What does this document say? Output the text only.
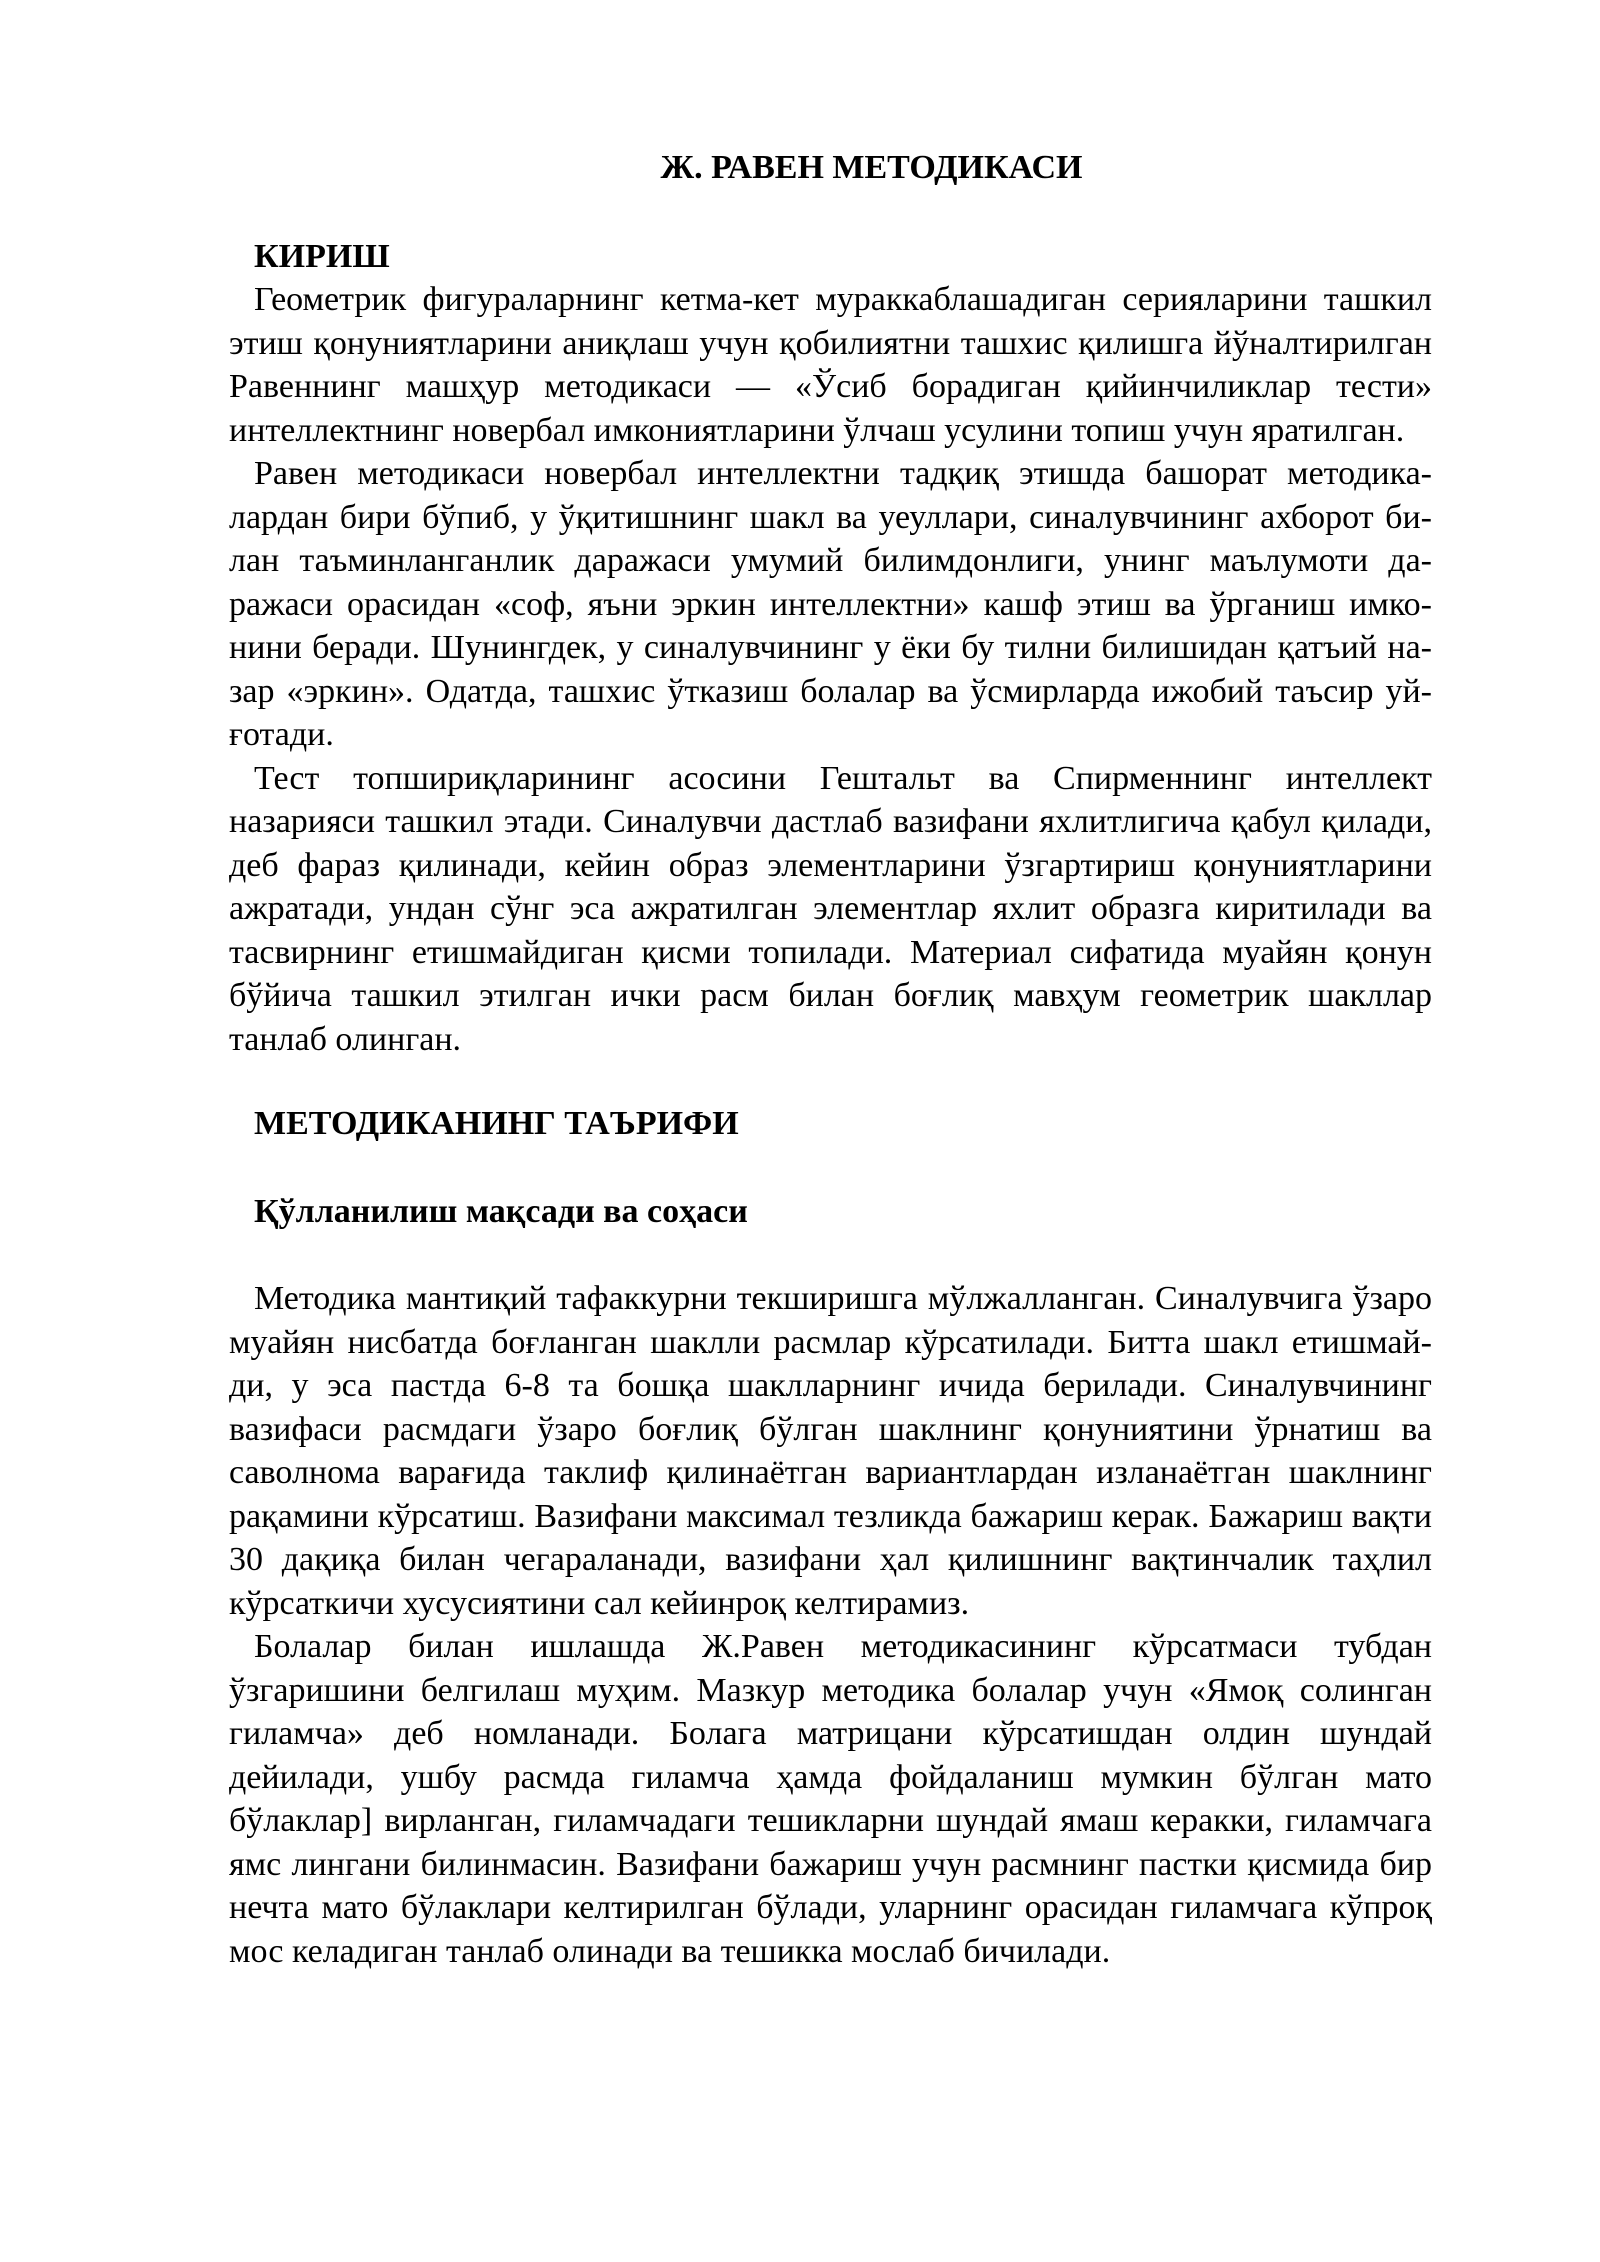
Ж. РАВЕН МЕТОДИКАСИ
КИРИШ

Геометрик фигураларнинг кетма-кет мураккаблашадиган серияларини ташкил этиш қонуниятларини аниқлаш учун қобилиятни ташхис қилишга йўналтирилган Равеннинг машҳур методикаси — «Ўсиб борадиган қийинчиликлар тести» интеллектнинг новербал имкониятларини ўлчаш усулини топиш учун яратилган.

Равен методикаси новербал интеллектни тадқиқ этишда башорат методика-лардан бири бўпиб, у ўқитишнинг шакл ва уеуллари, синалувчининг ахборот би-лан таъминланганлик даражаси умумий билимдонлиги, унинг маълумоти да-ражаси орасидан «соф, яъни эркин интеллектни» кашф этиш ва ўрганиш имко-нини беради. Шунингдек, у синалувчининг у ёки бу тилни билишидан қатъий на-зар «эркин». Одатда, ташхис ўтказиш болалар ва ўсмирларда ижобий таъсир уй-ғотади.

Тест топшириқларининг асосини Гештальт ва Спирменнинг интеллект назарияси ташкил этади. Синалувчи дастлаб вазифани яхлитлигича қабул қилади, деб фараз қилинади, кейин образ элементларини ўзгартириш қонуниятларини ажратади, ундан сўнг эса ажратилган элементлар яхлит образга киритилади ва тасвирнинг етишмайдиган қисми топилади. Материал сифатида муайян қонун бўйича ташкил этилган ички расм билан боғлиқ мавҳум геометрик шакллар танлаб олинган.

МЕТОДИКАНИНГ ТАЪРИФИ
Қўлланилиш мақсади ва соҳаси

Методика мантиқий тафаккурни текширишга мўлжалланган. Синалувчига ўзаро муайян нисбатда боғланган шаклли расмлар кўрсатилади. Битта шакл етишмай-ди, у эса пастда 6-8 та бошқа шаклларнинг ичида берилади. Синалувчининг вазифаси расмдаги ўзаро боғлиқ бўлган шаклнинг қонуниятини ўрнатиш ва саволнома варағида таклиф қилинаётган вариантлардан изланаётган шаклнинг рақамини кўрсатиш. Вазифани максимал тезликда бажариш керак. Бажариш вақти 30 дақиқа билан чегараланади, вазифани ҳал қилишнинг вақтинчалик таҳлил кўрсаткичи хусусиятини сал кейинроқ келтирамиз.

Болалар билан ишлашда Ж.Равен методикасининг кўрсатмаси тубдан ўзгаришини белгилаш муҳим. Мазкур методика болалар учун «Ямоқ солинган гиламча» деб номланади. Болага матрицани кўрсатишдан олдин шундай дейилади, ушбу расмда гиламча ҳамда фойдаланиш мумкин бўлган мато бўлаклар] вирланган, гиламчадаги тешикларни шундай ямаш керакки, гиламчага ямс лингани билинмасин. Вазифани бажариш учун расмнинг пастки қисмида бир нечта мато бўлаклари келтирилган бўлади, уларнинг орасидан гиламчага кўпроқ мос келадиган танлаб олинади ва тешикка мослаб бичилади.
